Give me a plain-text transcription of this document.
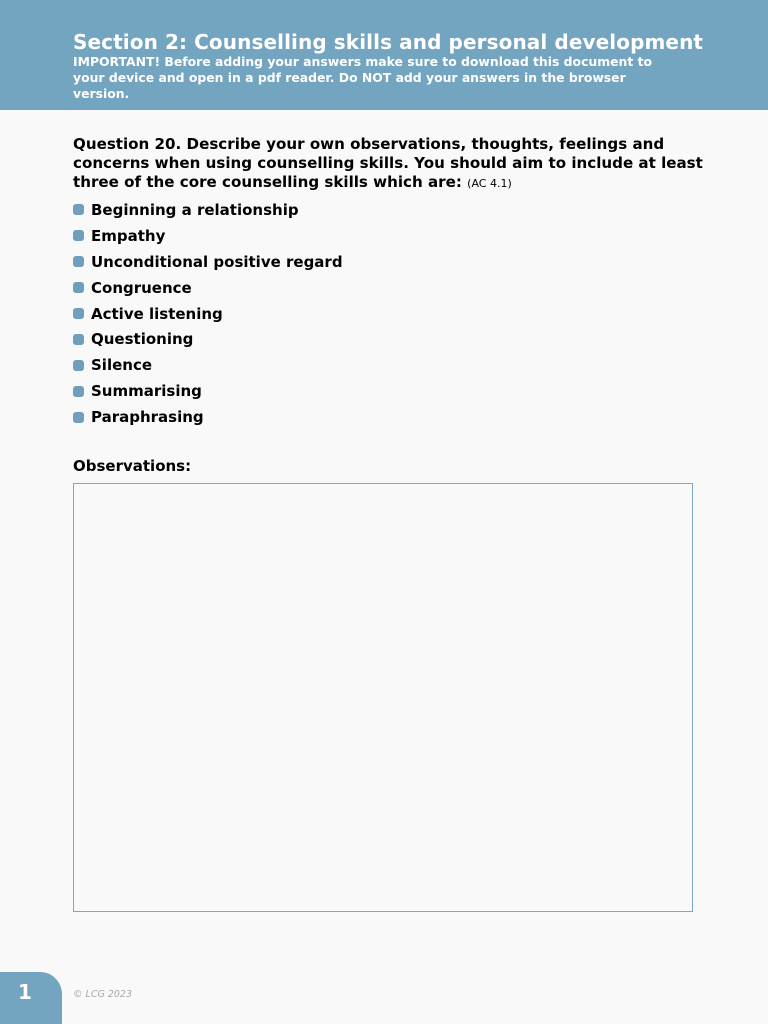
Section 2: Counselling skills and personal development
IMPORTANT! Before adding your answers make sure to download this document to your device and open in a pdf reader. Do NOT add your answers in the browser version.
Question 20. Describe your own observations, thoughts, feelings and concerns when using counselling skills. You should aim to include at least three of the core counselling skills which are: (AC 4.1)
Beginning a relationship
Empathy
Unconditional positive regard
Congruence
Active listening
Questioning
Silence
Summarising
Paraphrasing
Observations:
1	© LCG 2023
